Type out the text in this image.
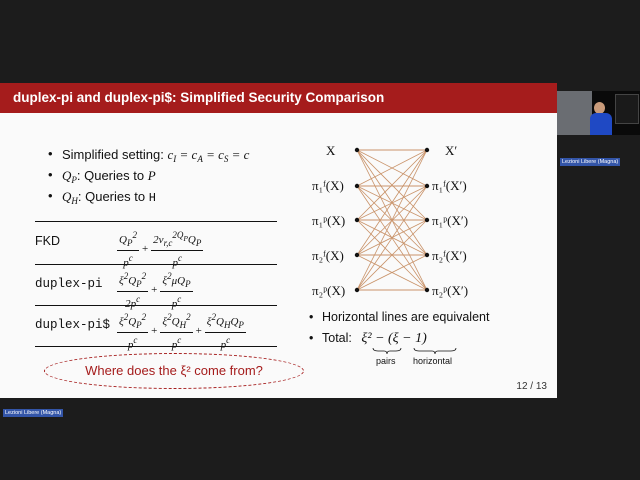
duplex-pi and duplex-pi$: Simplified Security Comparison
• Simplified setting: $c_I = c_A = c_S = c$
• $Q_P$: Queries to P
• $Q_H$: Queries to H
FKD	$\frac{Q_P^2}{p^c} + \frac{2\nu_{r,c}^{2Q_P}Q_P}{p^c}$
duplex-pi $\frac{\xi^2Q_P^2}{2p^c} + \frac{\xi^2\mu Q_P}{p^c}$
duplex-pi$ $\frac{\xi^2Q_P^2}{p^c} + \frac{\xi^2Q_H^2}{p^c} + \frac{\xi^2Q_HQ_P}{p^c}$
Where does the ξ² come from?
• Horizontal lines are equivalent
• Total: ξ² − (ξ − 1)
pairs horizontal
12 / 13
X
π₁ᶠ(X)
π₁ᵖ(X)
π₂ᶠ(X)
π₂ᵖ(X)
X′
π₁ᶠ(X′)
π₁ᵖ(X′)
π₂ᶠ(X′)
π₂ᵖ(X′)
Lezioni Libere (Magna)
Lezioni Libere (Magna)
